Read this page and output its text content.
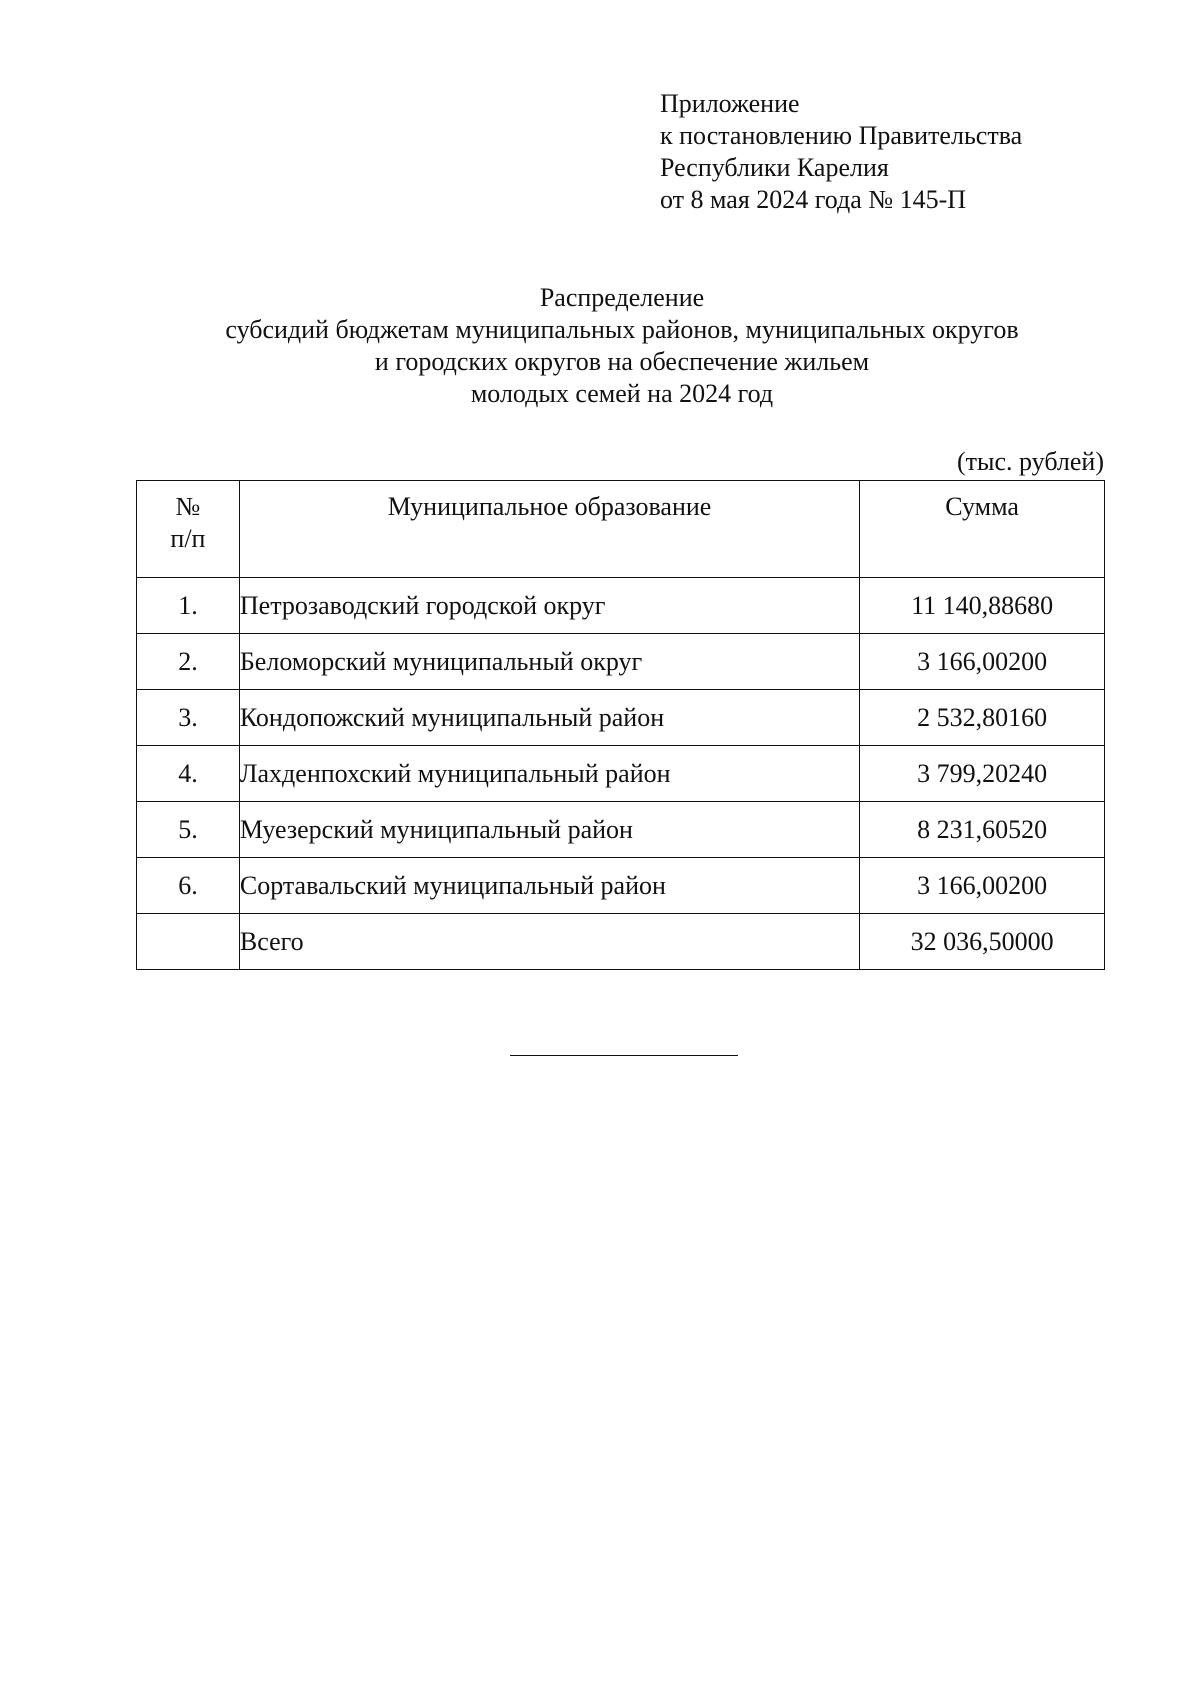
Приложение
к постановлению Правительства
Республики Карелия
от 8 мая 2024 года № 145-П
Распределение
субсидий бюджетам муниципальных районов, муниципальных округов
и городских округов на обеспечение жильем
молодых семей на 2024 год
(тыс. рублей)
№
п/п	Муниципальное образование	Сумма
1.	Петрозаводский городской округ	11 140,88680
2.	Беломорский муниципальный округ	3 166,00200
3.	Кондопожский муниципальный район	2 532,80160
4.	Лахденпохский муниципальный район	3 799,20240
5.	Муезерский муниципальный район	8 231,60520
6.	Сортавальский муниципальный район	3 166,00200
	Всего	32 036,50000
